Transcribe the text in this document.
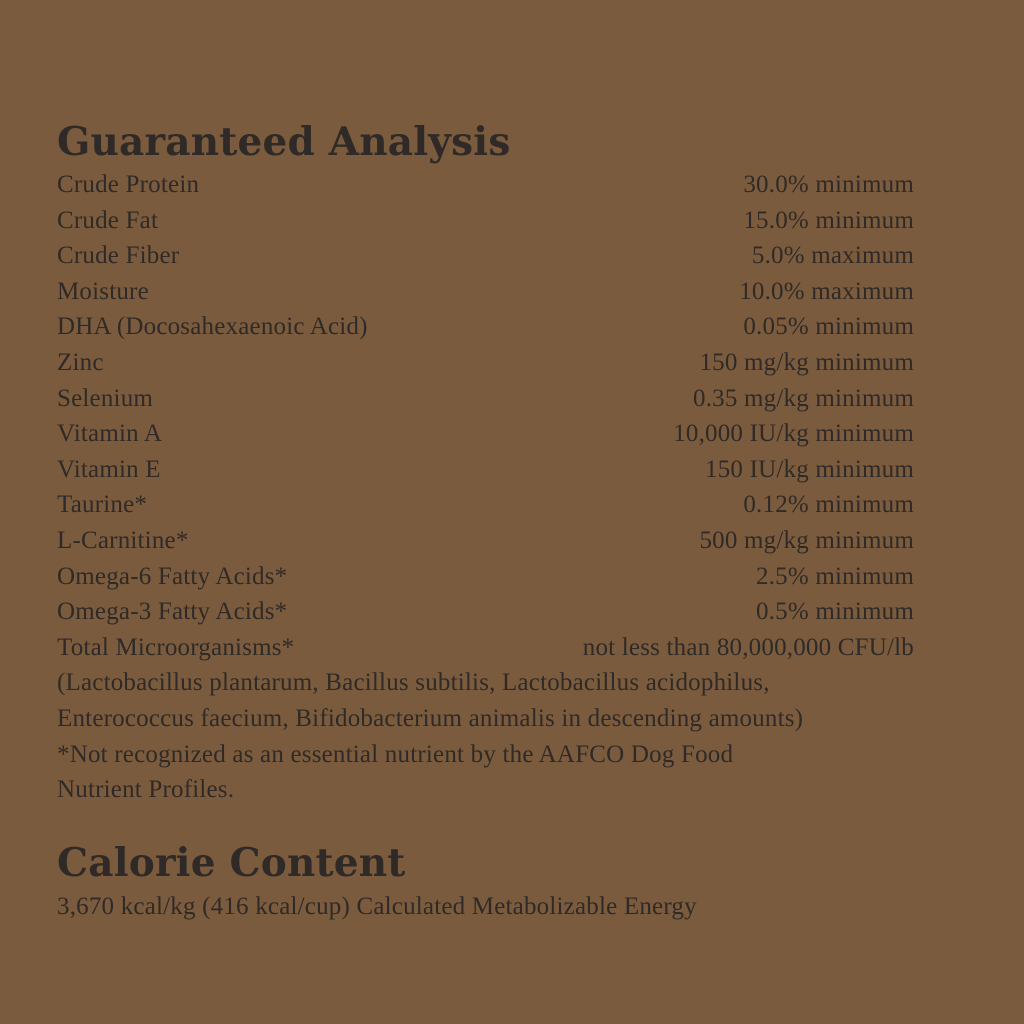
Guaranteed Analysis
Crude Protein	30.0% minimum
Crude Fat	15.0% minimum
Crude Fiber	5.0% maximum
Moisture	10.0% maximum
DHA (Docosahexaenoic Acid)	0.05% minimum
Zinc	150 mg/kg minimum
Selenium	0.35 mg/kg minimum
Vitamin A	10,000 IU/kg minimum
Vitamin E	150 IU/kg minimum
Taurine*	0.12% minimum
L-Carnitine*	500 mg/kg minimum
Omega-6 Fatty Acids*	2.5% minimum
Omega-3 Fatty Acids*	0.5% minimum
Total Microorganisms*	not less than 80,000,000 CFU/lb

(Lactobacillus plantarum, Bacillus subtilis, Lactobacillus acidophilus,
Enterococcus faecium, Bifidobacterium animalis in descending amounts)

*Not recognized as an essential nutrient by the AAFCO Dog Food
Nutrient Profiles.

Calorie Content

3,670 kcal/kg (416 kcal/cup) Calculated Metabolizable Energy
